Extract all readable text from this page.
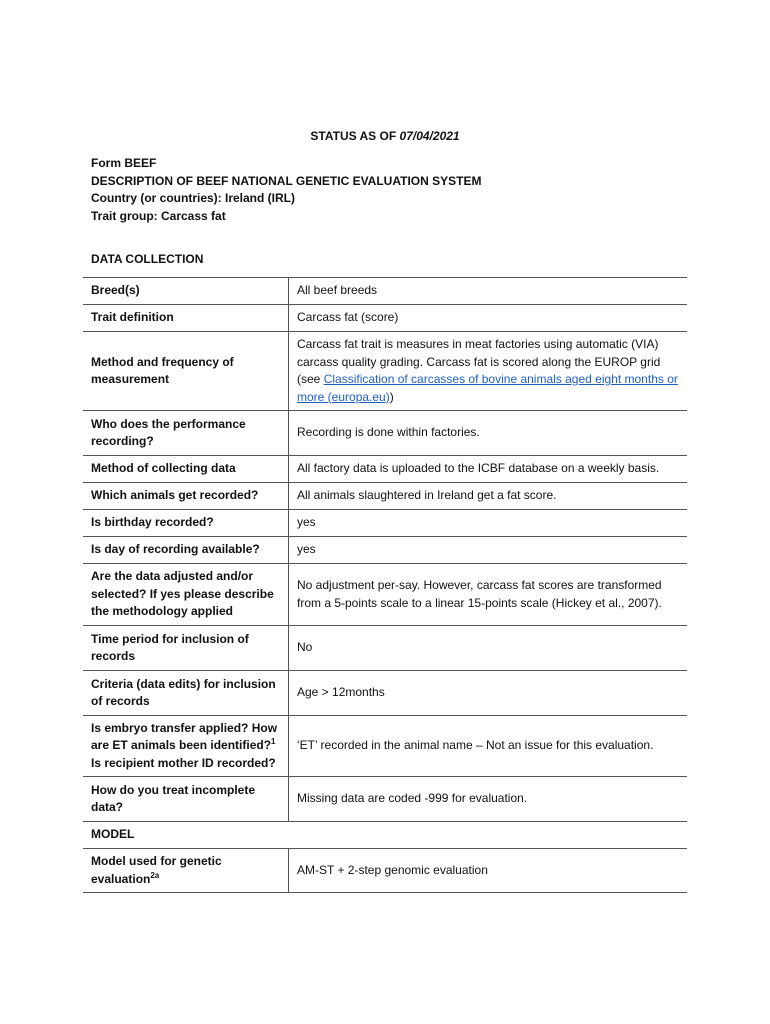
STATUS AS OF 07/04/2021
Form BEEF
DESCRIPTION OF BEEF NATIONAL GENETIC EVALUATION SYSTEM
Country (or countries): Ireland (IRL)
Trait group: Carcass fat
DATA COLLECTION
Breed(s)	All beef breeds
Trait definition	Carcass fat (score)
Method and frequency of measurement	Carcass fat trait is measures in meat factories using automatic (VIA) carcass quality grading. Carcass fat is scored along the EUROP grid (see Classification of carcasses of bovine animals aged eight months or more (europa.eu))
Who does the performance recording?	Recording is done within factories.
Method of collecting data	All factory data is uploaded to the ICBF database on a weekly basis.
Which animals get recorded?	All animals slaughtered in Ireland get a fat score.
Is birthday recorded?	yes
Is day of recording available?	yes
Are the data adjusted and/or selected? If yes please describe the methodology applied	No adjustment per-say. However, carcass fat scores are transformed from a 5-points scale to a linear 15-points scale (Hickey et al., 2007).
Time period for inclusion of records	No
Criteria (data edits) for inclusion of records	Age > 12months
Is embryo transfer applied? How are ET animals been identified?$^1$ Is recipient mother ID recorded?	‘ET’ recorded in the animal name – Not an issue for this evaluation.
How do you treat incomplete data?	Missing data are coded -999 for evaluation.
MODEL	
Model used for genetic evaluation$^{2a}$	AM-ST + 2-step genomic evaluation
